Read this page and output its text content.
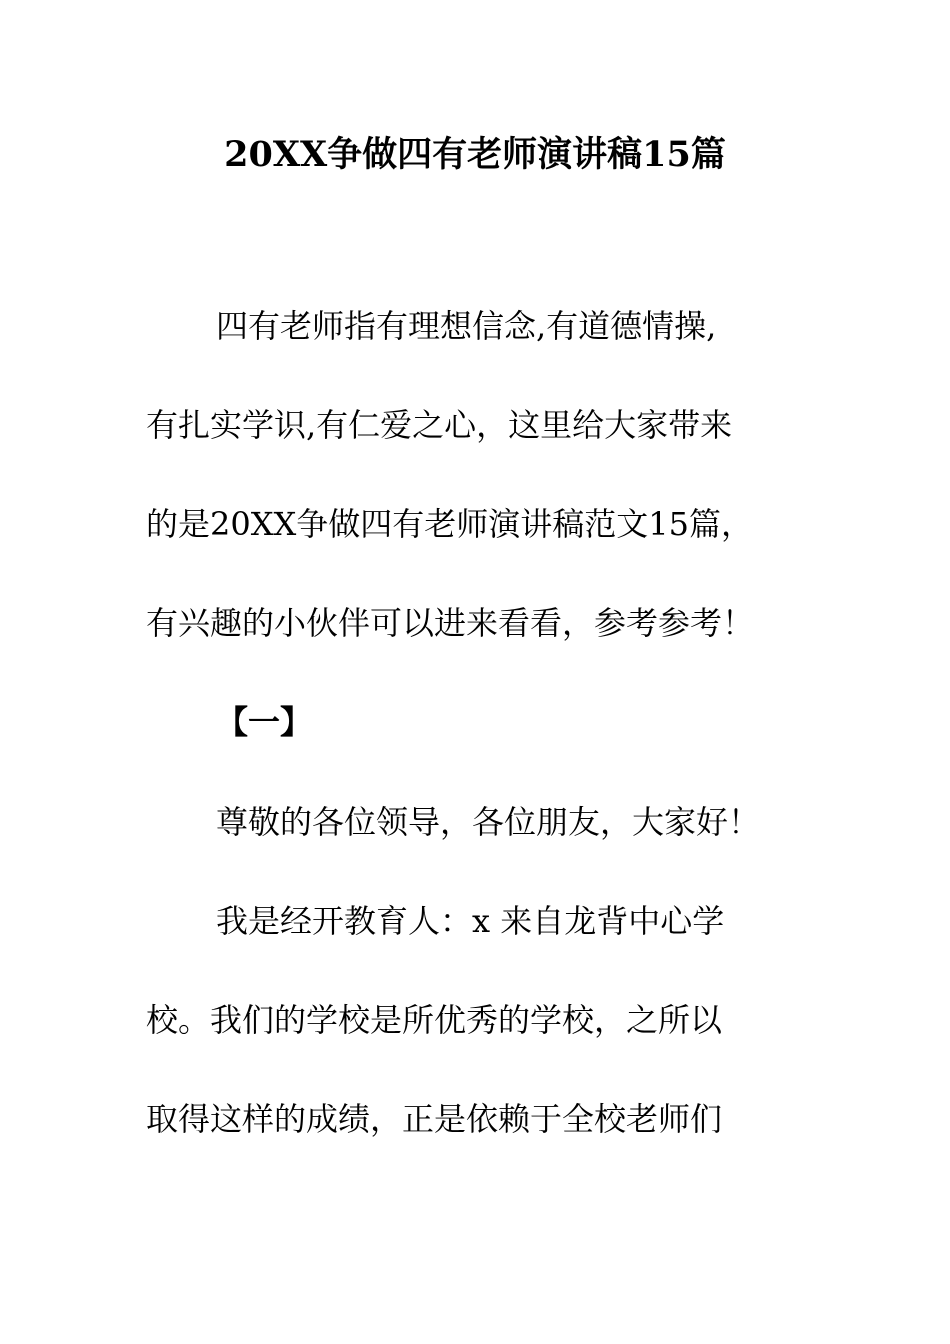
20XX争做四有老师演讲稿15篇
四有老师指有理想信念,有道德情操,
有扎实学识,有仁爱之心，这里给大家带来
的是20XX争做四有老师演讲稿范文15篇，
有兴趣的小伙伴可以进来看看，参考参考！
【一】
尊敬的各位领导，各位朋友，大家好！
我是经开教育人：x 来自龙背中心学
校。我们的学校是所优秀的学校，之所以
取得这样的成绩，正是依赖于全校老师们
